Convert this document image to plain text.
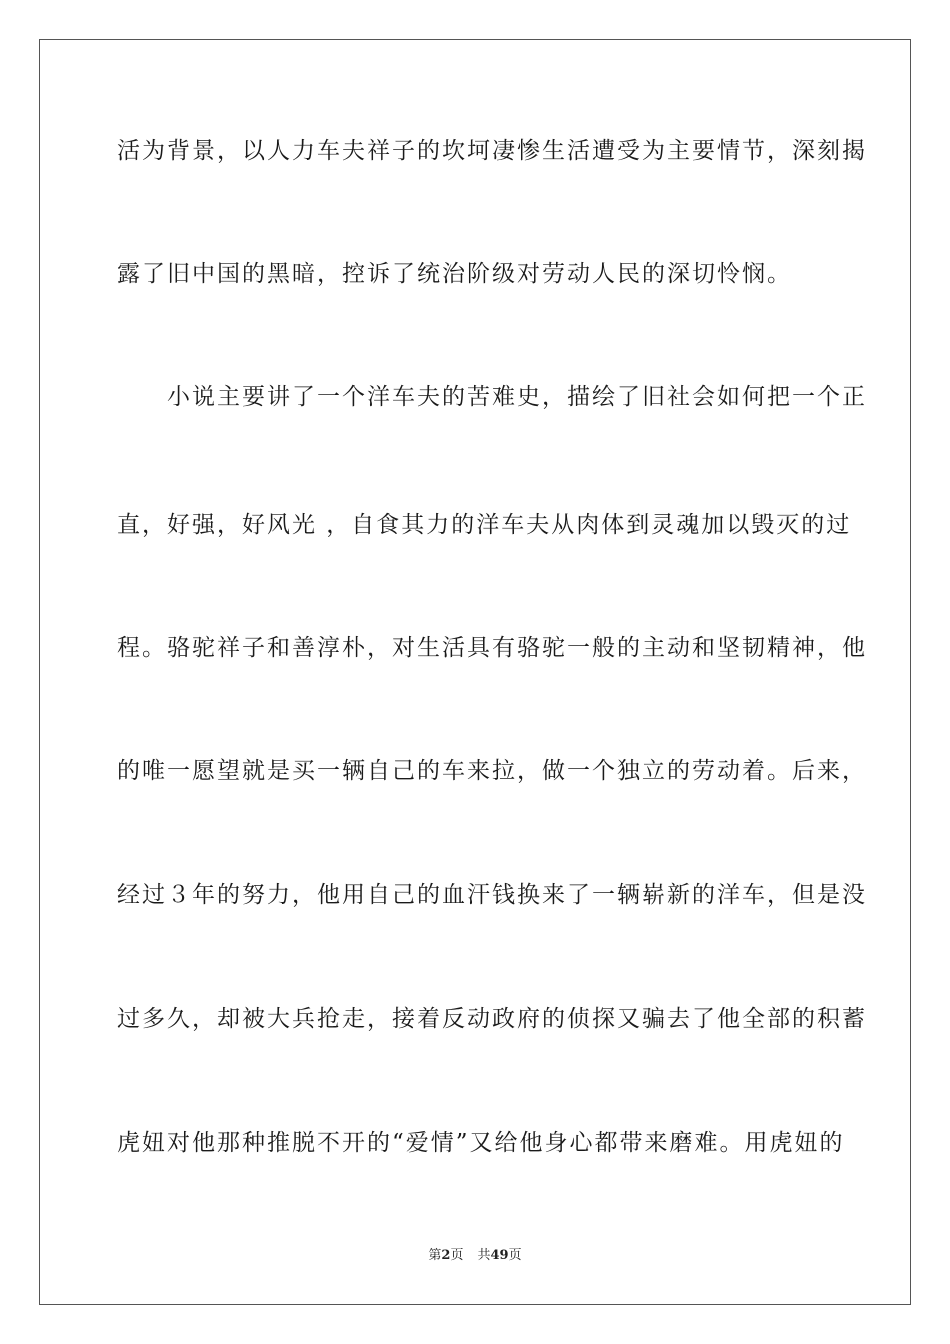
活为背景，以人力车夫祥子的坎坷凄惨生活遭受为主要情节，深刻揭
露了旧中国的黑暗，控诉了统治阶级对劳动人民的深切怜悯。
　　小说主要讲了一个洋车夫的苦难史，描绘了旧社会如何把一个正
直，好强，好风光 ，自食其力的洋车夫从肉体到灵魂加以毁灭的过
程。骆驼祥子和善淳朴，对生活具有骆驼一般的主动和坚韧精神，他
的唯一愿望就是买一辆自己的车来拉，做一个独立的劳动着。后来，
经过３年的努力，他用自己的血汗钱换来了一辆崭新的洋车，但是没
过多久，却被大兵抢走，接着反动政府的侦探又骗去了他全部的积蓄
虎妞对他那种推脱不开的“爱情”又给他身心都带来磨难。用虎妞的
第2页 共49页
